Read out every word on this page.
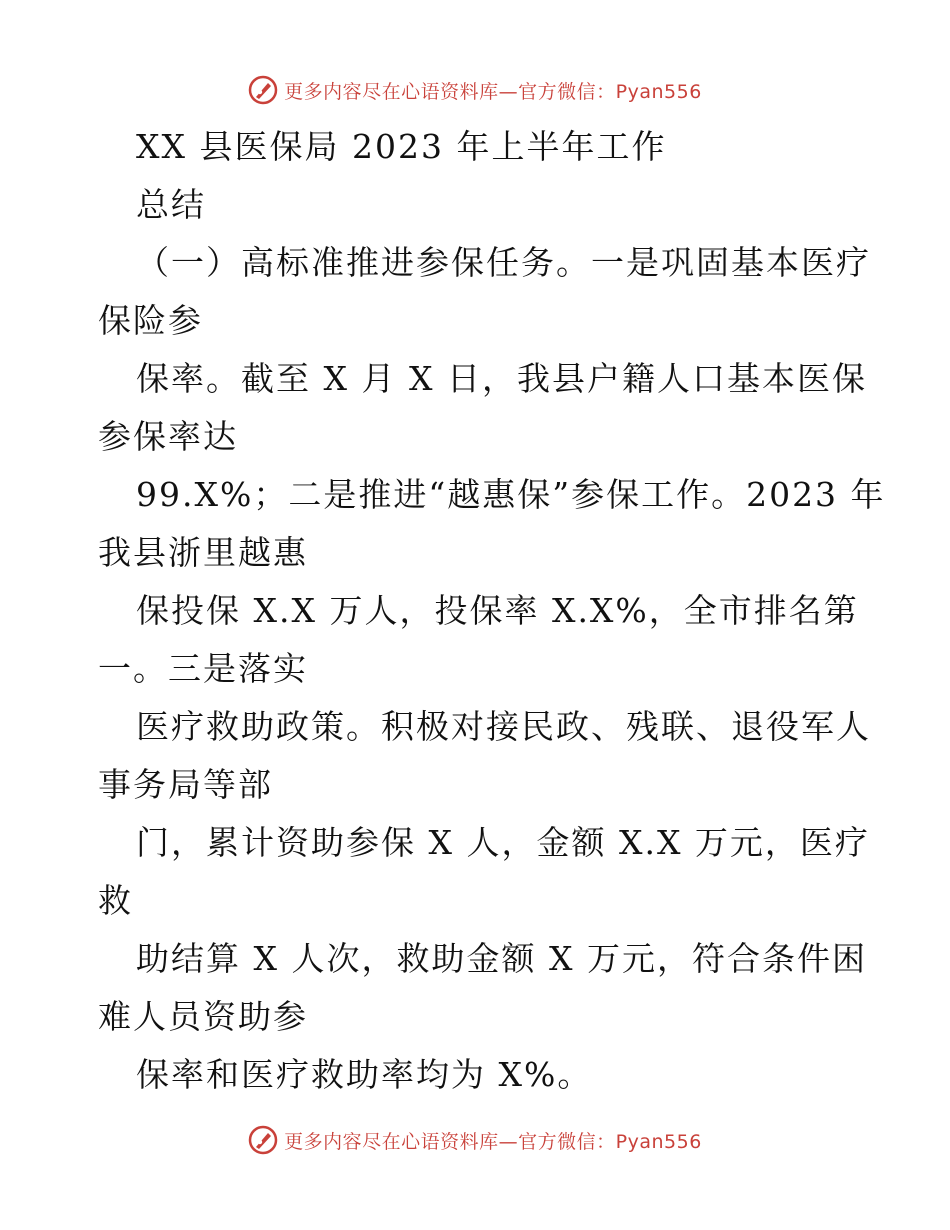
更多内容尽在心语资料库—官方微信：Pyan556
XX 县医保局 2023 年上半年工作
总结
（一）高标准推进参保任务。一是巩固基本医疗
保险参
保率。截至 X 月 X 日，我县户籍人口基本医保
参保率达
99.X%；二是推进“越惠保”参保工作。2023 年
我县浙里越惠
保投保 X.X 万人，投保率 X.X%，全市排名第
一。三是落实
医疗救助政策。积极对接民政、残联、退役军人
事务局等部
门，累计资助参保 X 人，金额 X.X 万元，医疗
救
助结算 X 人次，救助金额 X 万元，符合条件困
难人员资助参
保率和医疗救助率均为 X%。
更多内容尽在心语资料库—官方微信：Pyan556
